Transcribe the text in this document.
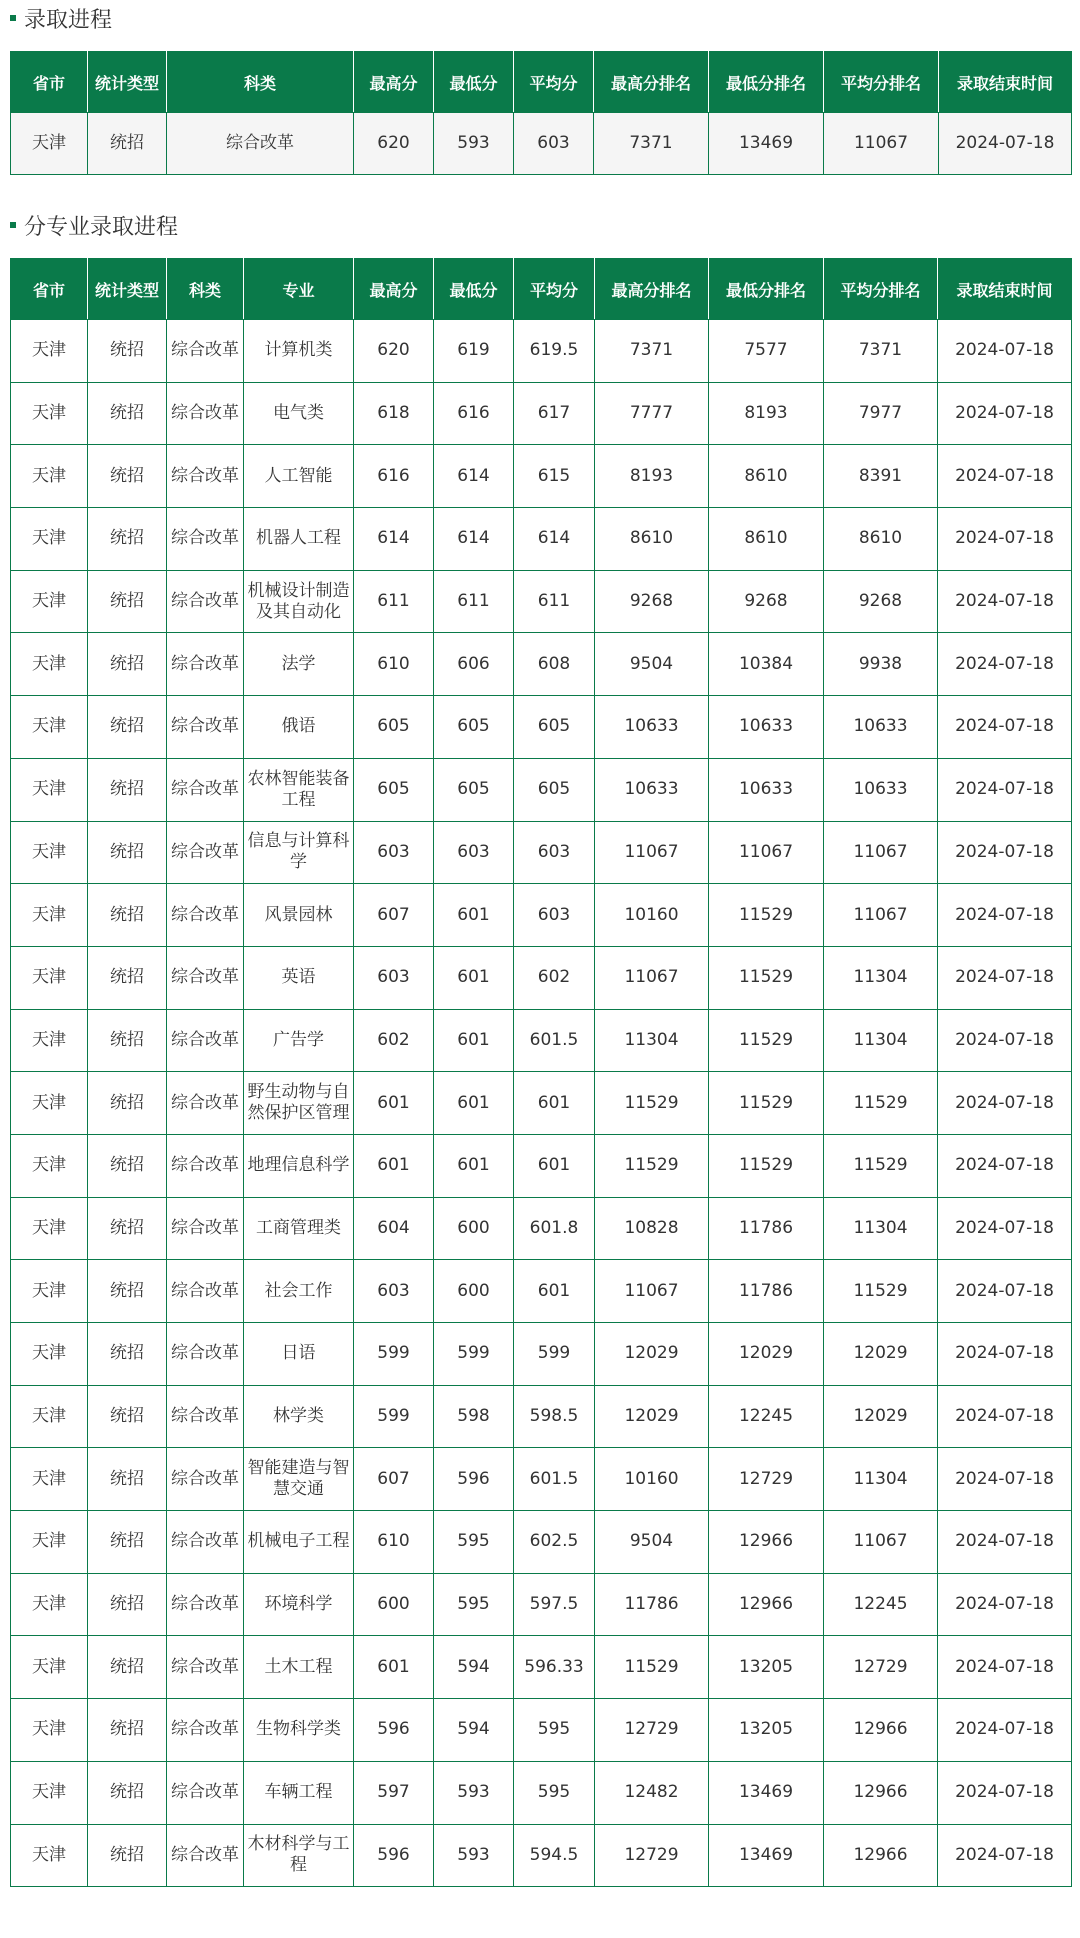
录取进程
省市	统计类型	科类	最高分	最低分	平均分	最高分排名	最低分排名	平均分排名	录取结束时间
天津	统招	综合改革	620	593	603	7371	13469	11067	2024-07-18
分专业录取进程
省市	统计类型	科类	专业	最高分	最低分	平均分	最高分排名	最低分排名	平均分排名	录取结束时间
天津	统招	综合改革	计算机类	620	619	619.5	7371	7577	7371	2024-07-18
天津	统招	综合改革	电气类	618	616	617	7777	8193	7977	2024-07-18
天津	统招	综合改革	人工智能	616	614	615	8193	8610	8391	2024-07-18
天津	统招	综合改革	机器人工程	614	614	614	8610	8610	8610	2024-07-18
天津	统招	综合改革	机械设计制造及其自动化	611	611	611	9268	9268	9268	2024-07-18
天津	统招	综合改革	法学	610	606	608	9504	10384	9938	2024-07-18
天津	统招	综合改革	俄语	605	605	605	10633	10633	10633	2024-07-18
天津	统招	综合改革	农林智能装备工程	605	605	605	10633	10633	10633	2024-07-18
天津	统招	综合改革	信息与计算科学	603	603	603	11067	11067	11067	2024-07-18
天津	统招	综合改革	风景园林	607	601	603	10160	11529	11067	2024-07-18
天津	统招	综合改革	英语	603	601	602	11067	11529	11304	2024-07-18
天津	统招	综合改革	广告学	602	601	601.5	11304	11529	11304	2024-07-18
天津	统招	综合改革	野生动物与自然保护区管理	601	601	601	11529	11529	11529	2024-07-18
天津	统招	综合改革	地理信息科学	601	601	601	11529	11529	11529	2024-07-18
天津	统招	综合改革	工商管理类	604	600	601.8	10828	11786	11304	2024-07-18
天津	统招	综合改革	社会工作	603	600	601	11067	11786	11529	2024-07-18
天津	统招	综合改革	日语	599	599	599	12029	12029	12029	2024-07-18
天津	统招	综合改革	林学类	599	598	598.5	12029	12245	12029	2024-07-18
天津	统招	综合改革	智能建造与智慧交通	607	596	601.5	10160	12729	11304	2024-07-18
天津	统招	综合改革	机械电子工程	610	595	602.5	9504	12966	11067	2024-07-18
天津	统招	综合改革	环境科学	600	595	597.5	11786	12966	12245	2024-07-18
天津	统招	综合改革	土木工程	601	594	596.33	11529	13205	12729	2024-07-18
天津	统招	综合改革	生物科学类	596	594	595	12729	13205	12966	2024-07-18
天津	统招	综合改革	车辆工程	597	593	595	12482	13469	12966	2024-07-18
天津	统招	综合改革	木材科学与工程	596	593	594.5	12729	13469	12966	2024-07-18
